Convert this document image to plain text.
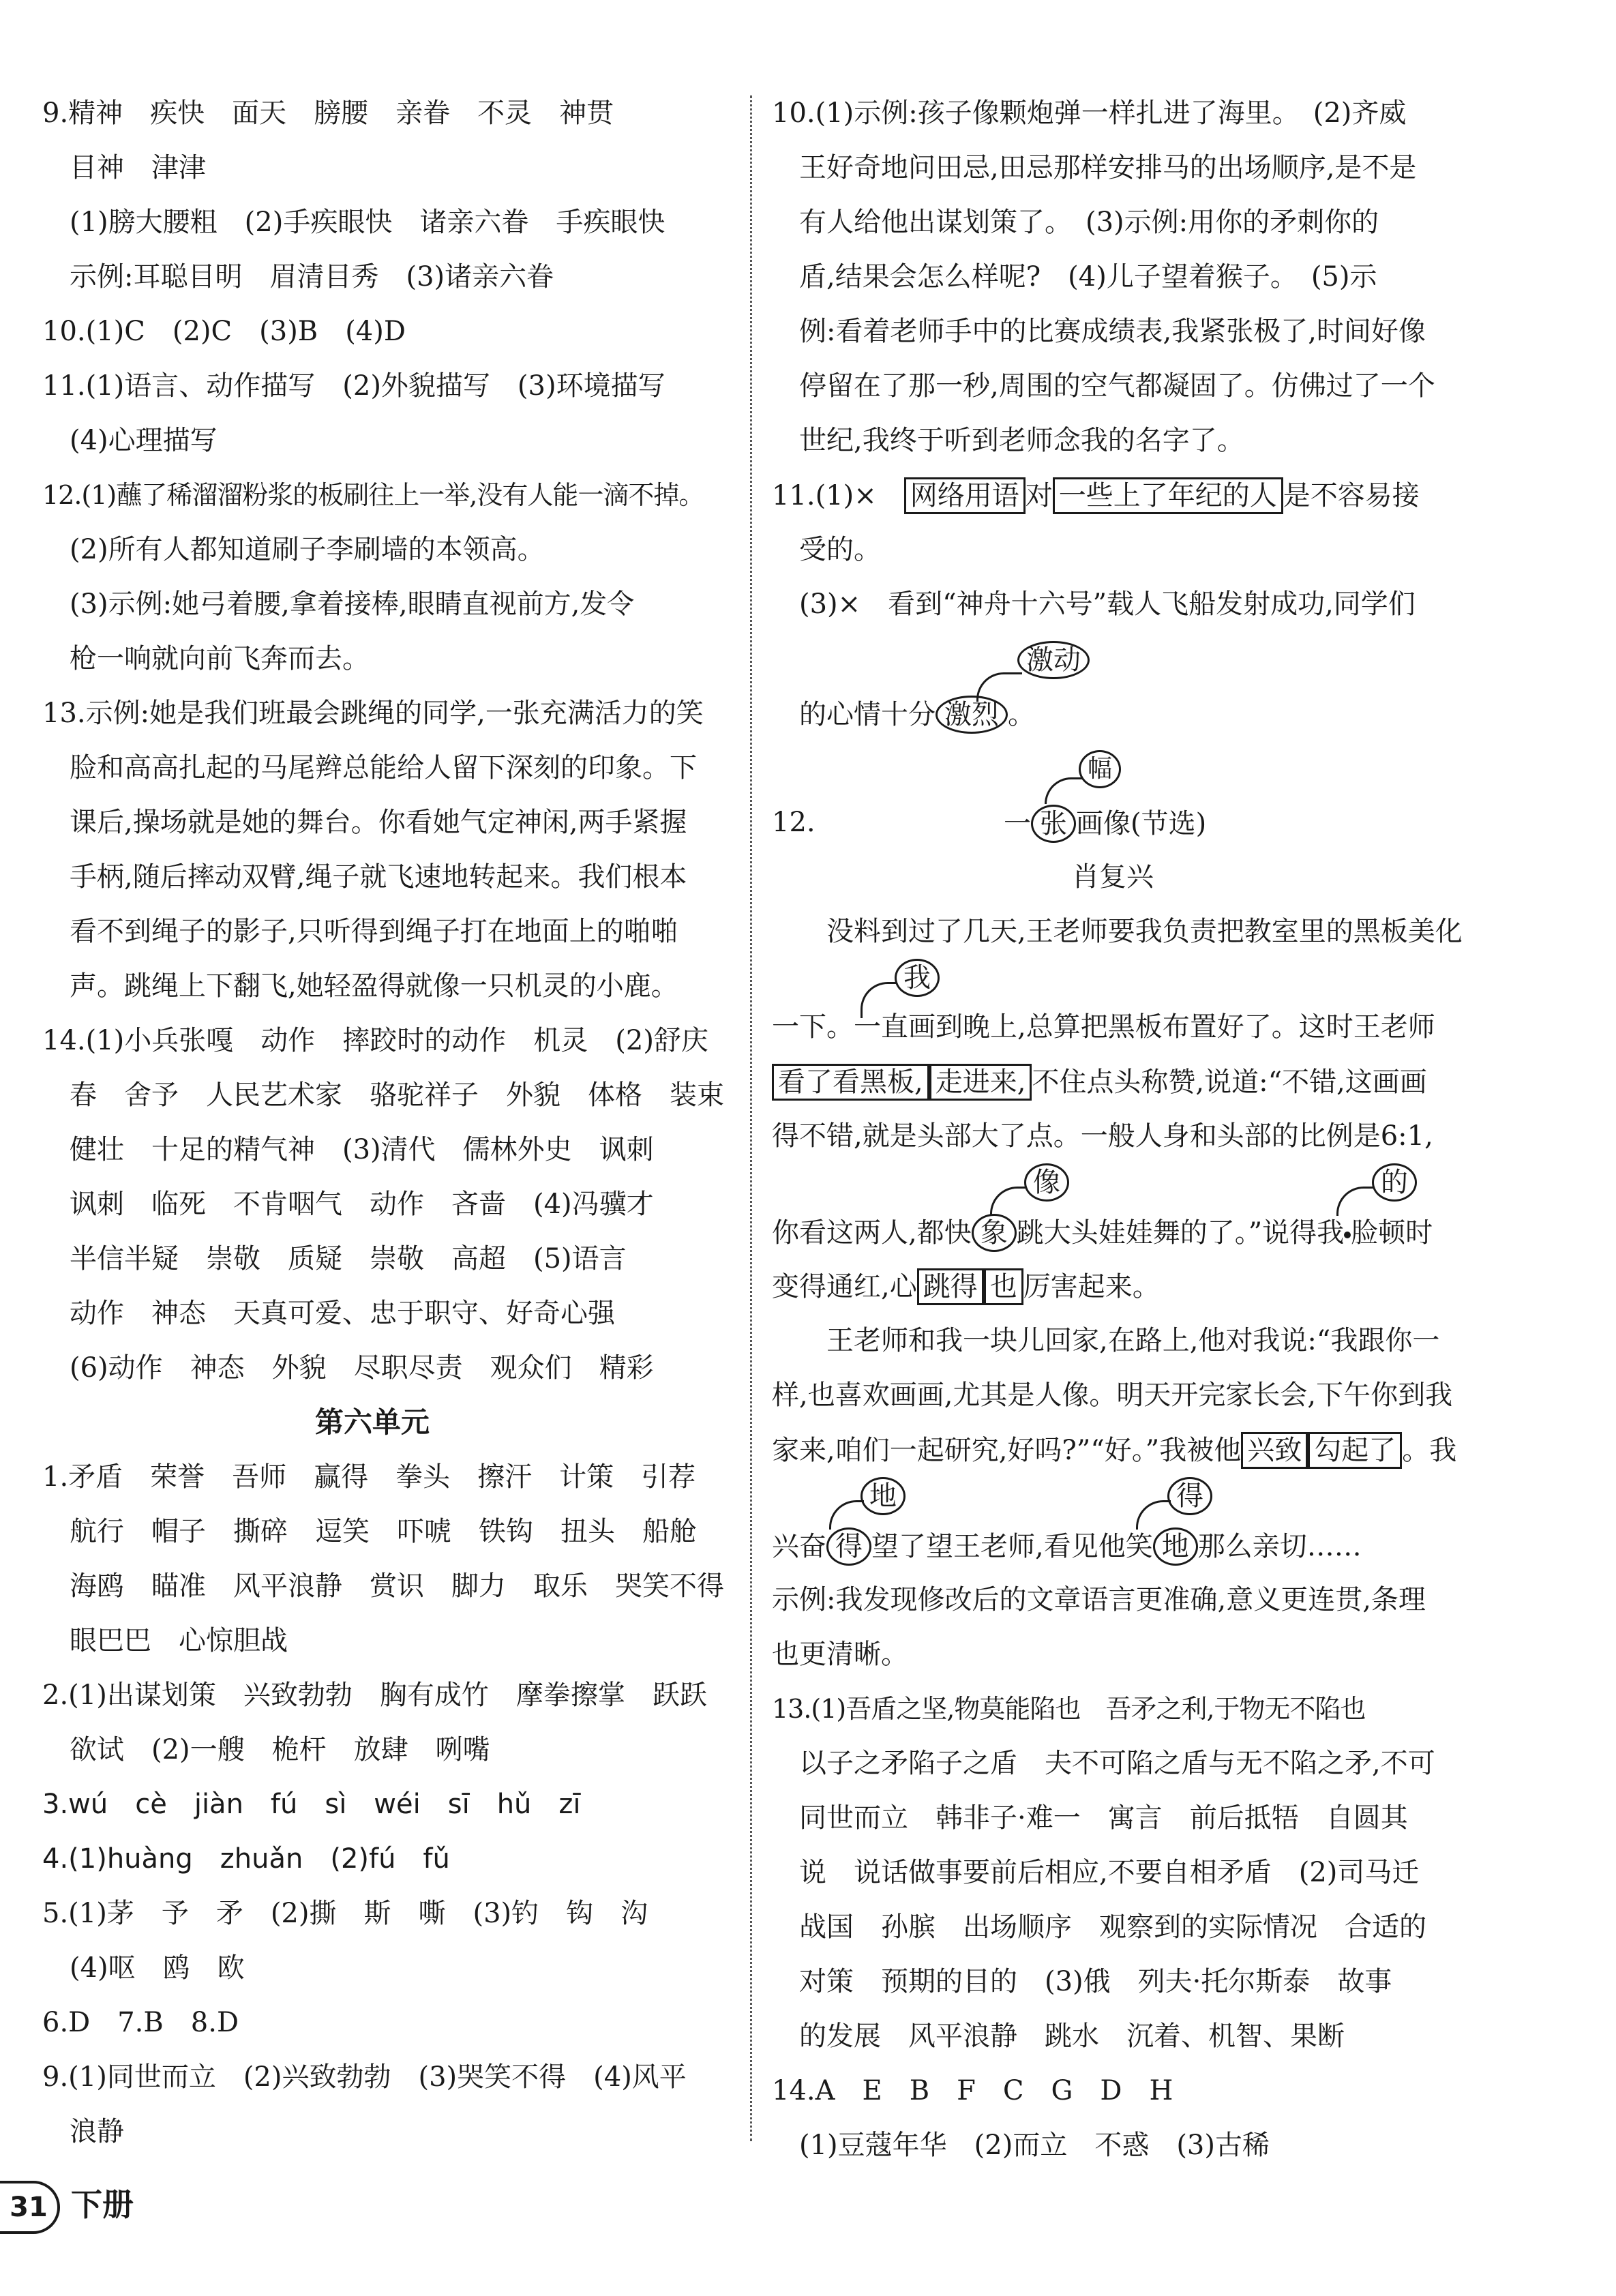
9.精神　疾快　面天　膀腰　亲眷　不灵　神贯
　目神　津津
　(1)膀大腰粗　(2)手疾眼快　诸亲六眷　手疾眼快
　示例:耳聪目明　眉清目秀　(3)诸亲六眷
10.(1)C　(2)C　(3)B　(4)D
11.(1)语言、动作描写　(2)外貌描写　(3)环境描写
　(4)心理描写
12.(1)蘸了稀溜溜粉浆的板刷往上一举,没有人能一滴不掉。
　(2)所有人都知道刷子李刷墙的本领高。
　(3)示例:她弓着腰,拿着接棒,眼睛直视前方,发令
　枪一响就向前飞奔而去。
13.示例:她是我们班最会跳绳的同学,一张充满活力的笑
　脸和高高扎起的马尾辫总能给人留下深刻的印象。下
　课后,操场就是她的舞台。你看她气定神闲,两手紧握
　手柄,随后摔动双臂,绳子就飞速地转起来。我们根本
　看不到绳子的影子,只听得到绳子打在地面上的啪啪
　声。跳绳上下翻飞,她轻盈得就像一只机灵的小鹿。
14.(1)小兵张嘎　动作　摔跤时的动作　机灵　(2)舒庆
　春　舍予　人民艺术家　骆驼祥子　外貌　体格　装束
　健壮　十足的精气神　(3)清代　儒林外史　讽刺
　讽刺　临死　不肯咽气　动作　吝啬　(4)冯骥才
　半信半疑　崇敬　质疑　崇敬　高超　(5)语言
　动作　神态　天真可爱、忠于职守、好奇心强
　(6)动作　神态　外貌　尽职尽责　观众们　精彩
第六单元
1.矛盾　荣誉　吾师　赢得　拳头　擦汗　计策　引荐
　航行　帽子　撕碎　逗笑　吓唬　铁钩　扭头　船舱
　海鸥　瞄准　风平浪静　赏识　脚力　取乐　哭笑不得
　眼巴巴　心惊胆战
2.(1)出谋划策　兴致勃勃　胸有成竹　摩拳擦掌　跃跃
　欲试　(2)一艘　桅杆　放肆　咧嘴
3.wú　cè　jiàn　fú　sì　wéi　sī　hǔ　zī
4.(1)huàng　zhuǎn　(2)fú　fǔ
5.(1)茅　予　矛　(2)撕　斯　嘶　(3)钓　钩　沟
　(4)呕　鸥　欧
6.D　7.B　8.D
9.(1)同世而立　(2)兴致勃勃　(3)哭笑不得　(4)风平
　浪静
10.(1)示例:孩子像颗炮弹一样扎进了海里。　(2)齐威
　王好奇地问田忌,田忌那样安排马的出场顺序,是不是
　有人给他出谋划策了。　(3)示例:用你的矛刺你的
　盾,结果会怎么样呢?　(4)儿子望着猴子。　(5)示
　例:看着老师手中的比赛成绩表,我紧张极了,时间好像
　停留在了那一秒,周围的空气都凝固了。仿佛过了一个
　世纪,我终于听到老师念我的名字了。
11.(1)×　网络用语 对 一些上了年纪的人 是不容易接
　受的。
　(3)×　看到“神舟十六号”载人飞船发射成功,同学们
激动
　的心情十分 激烈 。
幅
12.	一 张 画像(节选)
肖复兴
　　没料到过了几天,王老师要我负责把教室里的黑板美化
我
一下。一直画到晚上,总算把黑板布置好了。这时王老师
看了看黑板, 走进来, 不住点头称赞,说道:“不错,这画画
得不错,就是头部大了点。一般人身和头部的比例是6:1,
像	的
你看这两人,都快 象 跳大头娃娃舞的了。”说得我 脸顿时
变得通红,心 跳得 也 厉害起来。
　　王老师和我一块儿回家,在路上,他对我说:“我跟你一
样,也喜欢画画,尤其是人像。明天开完家长会,下午你到我
家来,咱们一起研究,好吗?”“好。”我被他 兴致 勾起了 。我
地	得
兴奋 得 望了望王老师,看见他笑 地 那么亲切……
示例:我发现修改后的文章语言更准确,意义更连贯,条理
也更清晰。
13.(1)吾盾之坚,物莫能陷也　吾矛之利,于物无不陷也
　以子之矛陷子之盾　夫不可陷之盾与无不陷之矛,不可
　同世而立　韩非子·难一　寓言　前后抵牾　自圆其
　说　说话做事要前后相应,不要自相矛盾　(2)司马迁
　战国　孙膑　出场顺序　观察到的实际情况　合适的
　对策　预期的目的　(3)俄　列夫·托尔斯泰　故事
　的发展　风平浪静　跳水　沉着、机智、果断
14.A　E　B　F　C　G　D　H
　(1)豆蔻年华　(2)而立　不惑　(3)古稀
31 下册
